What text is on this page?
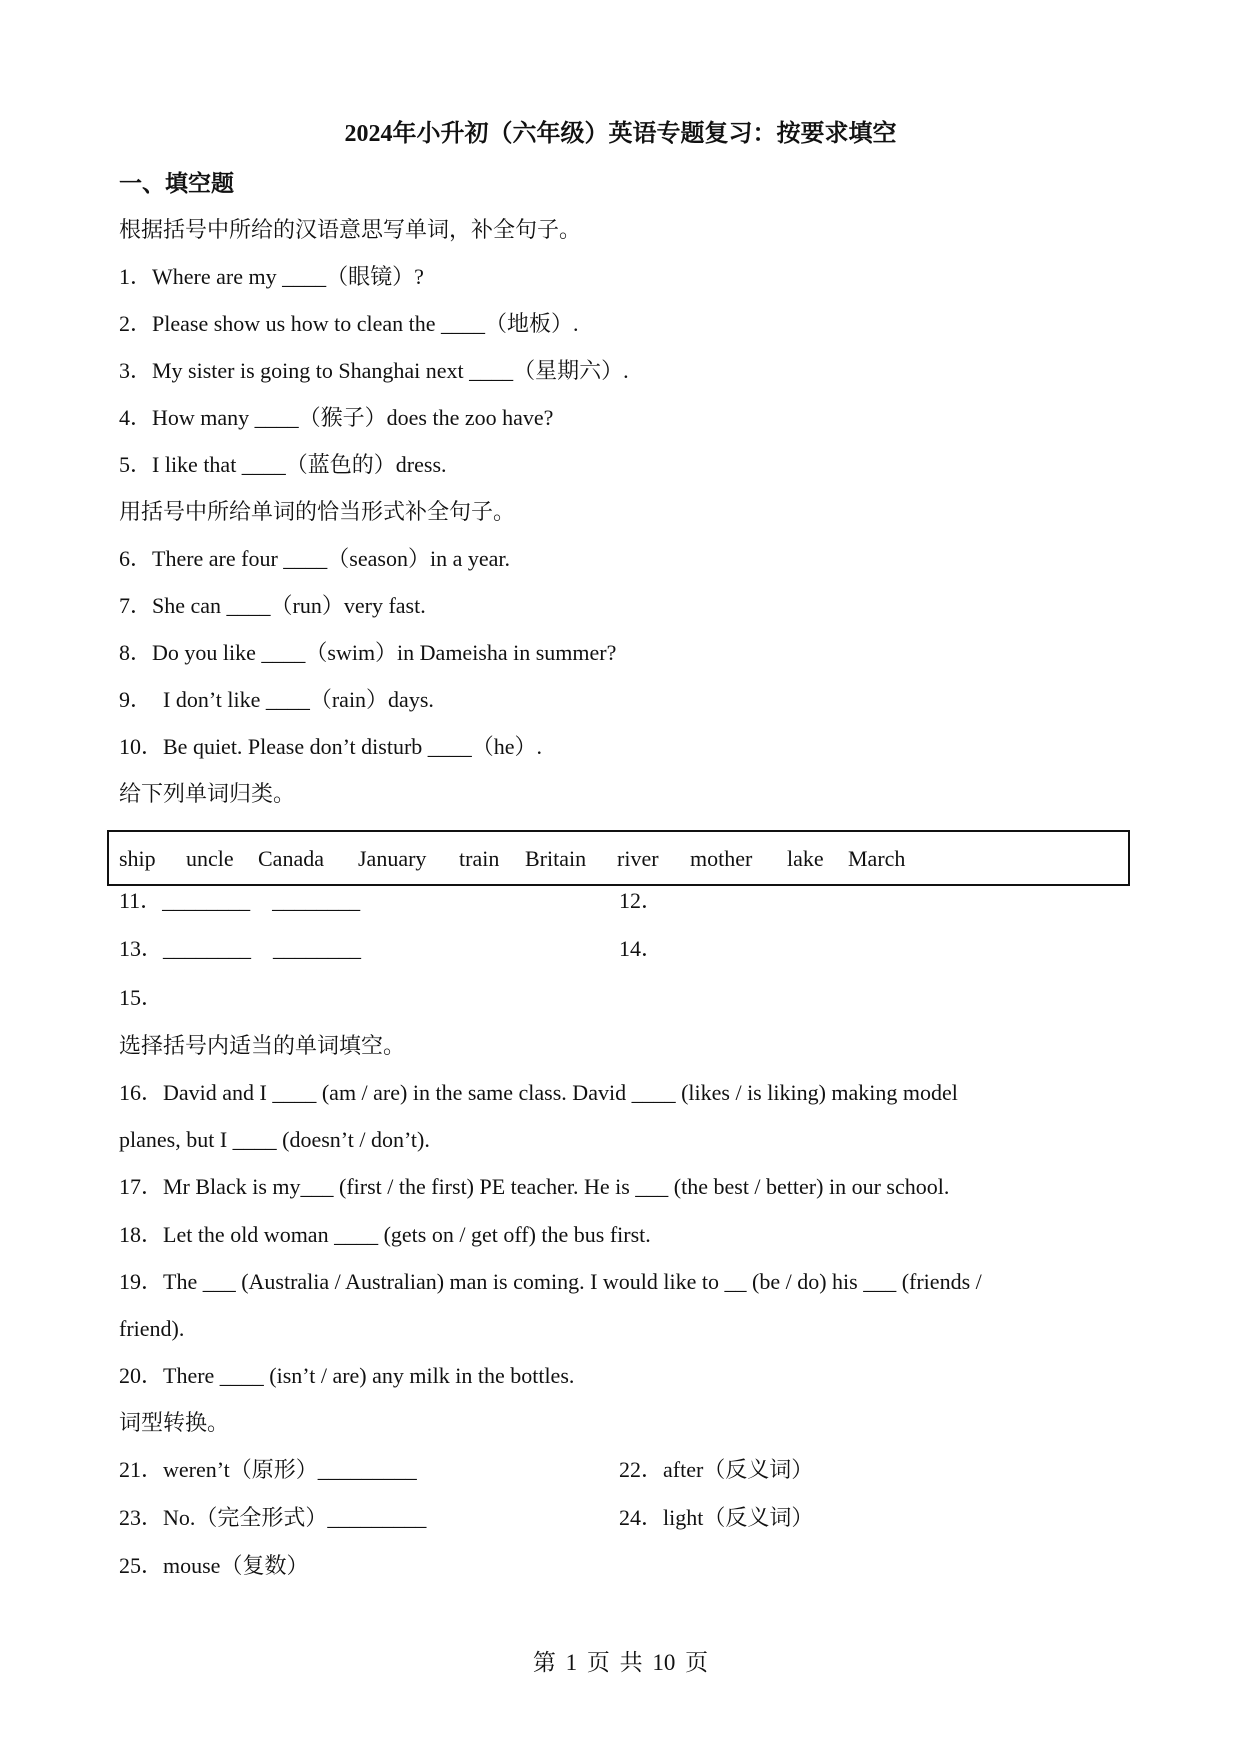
2024年小升初（六年级）英语专题复习：按要求填空
一、填空题
根据括号中所给的汉语意思写单词，补全句子。
1．Where are my ____（眼镜）?
2．Please show us how to clean the ____（地板）.
3．My sister is going to Shanghai next ____（星期六）.
4．How many ____（猴子）does the zoo have?
5．I like that ____（蓝色的）dress.
用括号中所给单词的恰当形式补全句子。
6．There are four ____（season）in a year.
7．She can ____（run）very fast.
8．Do you like ____（swim）in Dameisha in summer?
9．  I don’t like ____（rain）days.
10．Be quiet. Please don’t disturb ____（he）.
给下列单词归类。
ship uncle Canada January train Britain river mother lake March
11．________    ________	12．
13．________    ________	14．
15．
选择括号内适当的单词填空。
16．David and I ____ (am / are) in the same class. David ____ (likes / is liking) making model
planes, but I ____ (doesn’t / don’t).
17．Mr Black is my___ (first / the first) PE teacher. He is ___ (the best / better) in our school.
18．Let the old woman ____ (gets on / get off) the bus first.
19．The ___ (Australia / Australian) man is coming. I would like to __ (be / do) his ___ (friends /
friend).
20．There ____ (isn’t / are) any milk in the bottles.
词型转换。
21．weren’t（原形）_________	22．after（反义词）
23．No.（完全形式）_________	24．light（反义词）
25．mouse（复数）
第 1 页 共 10 页
